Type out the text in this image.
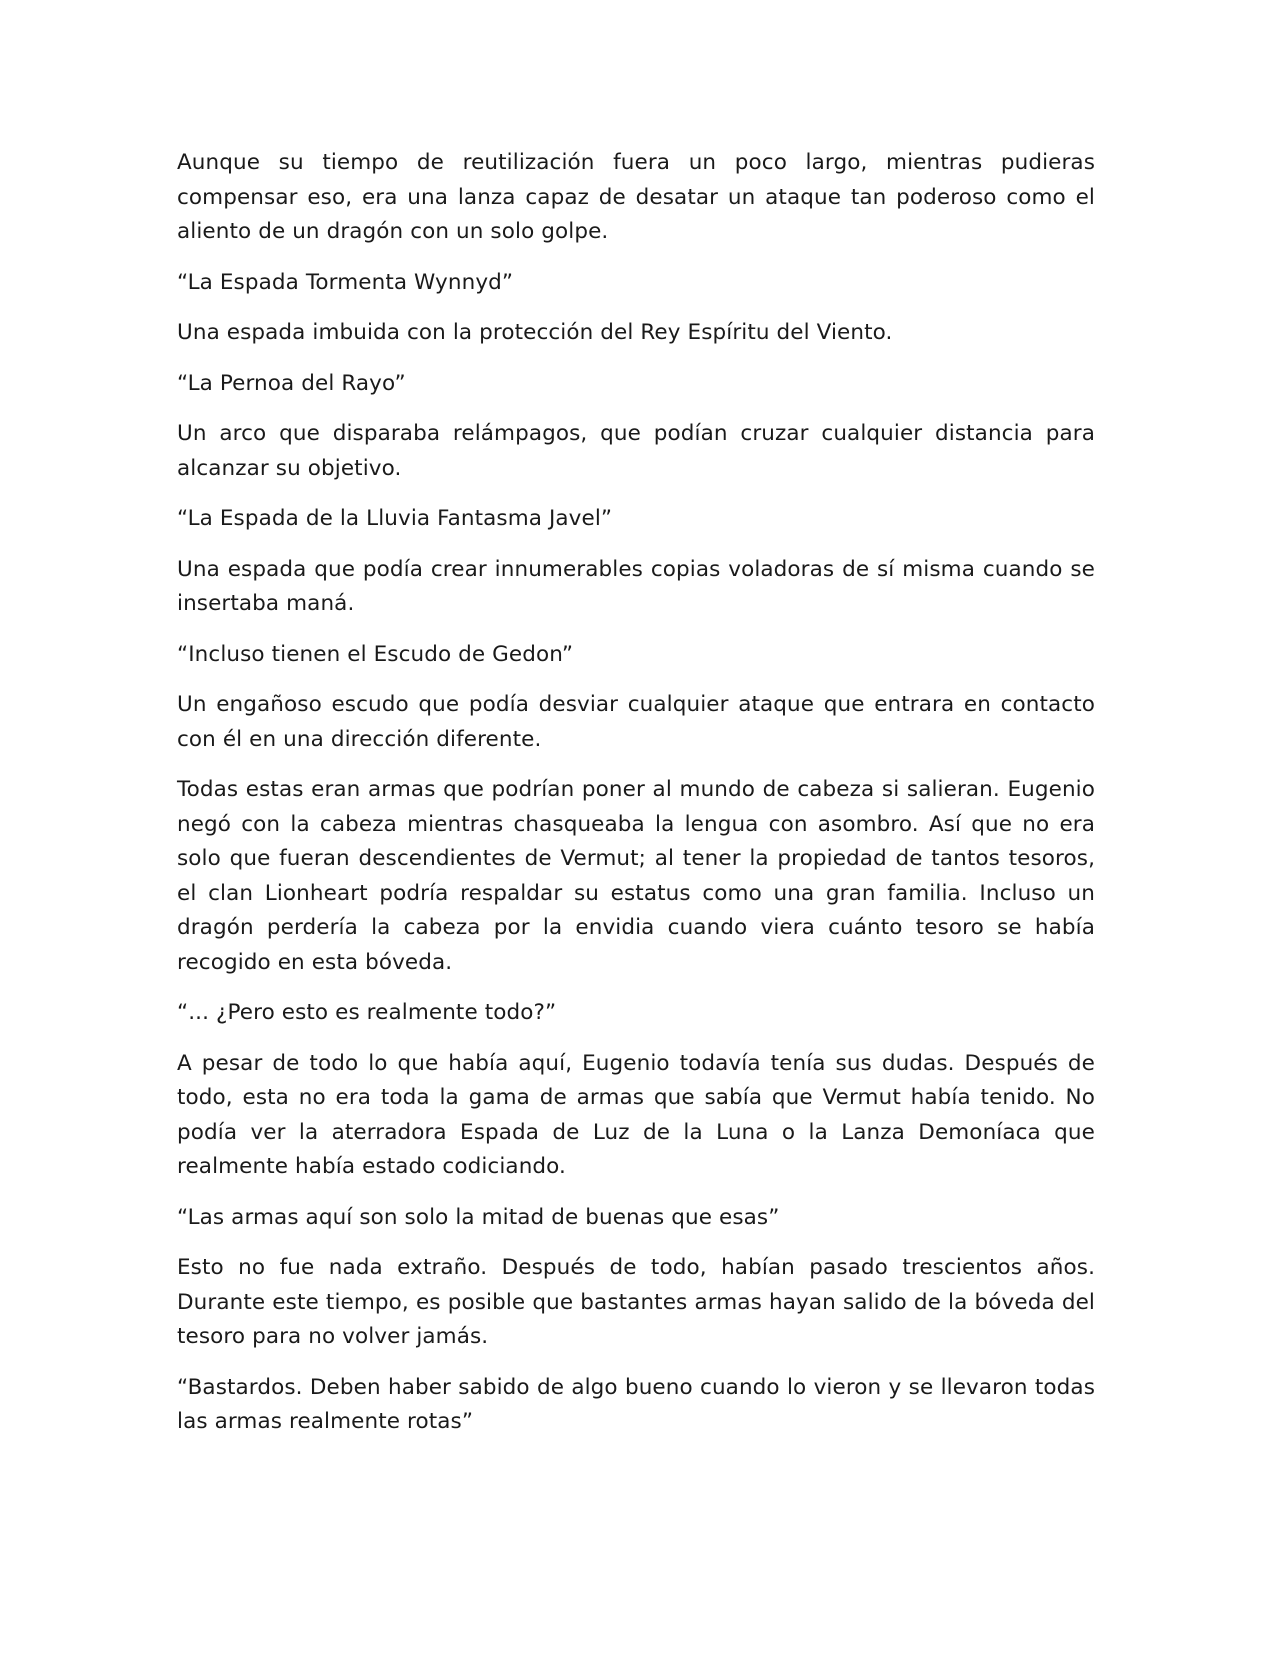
Aunque su tiempo de reutilización fuera un poco largo, mientras pudieras compensar eso, era una lanza capaz de desatar un ataque tan poderoso como el aliento de un dragón con un solo golpe.

“La Espada Tormenta Wynnyd”

Una espada imbuida con la protección del Rey Espíritu del Viento.

“La Pernoa del Rayo”

Un arco que disparaba relámpagos, que podían cruzar cualquier distancia para alcanzar su objetivo.

“La Espada de la Lluvia Fantasma Javel”

Una espada que podía crear innumerables copias voladoras de sí misma cuando se insertaba maná.

“Incluso tienen el Escudo de Gedon”

Un engañoso escudo que podía desviar cualquier ataque que entrara en contacto con él en una dirección diferente.

Todas estas eran armas que podrían poner al mundo de cabeza si salieran. Eugenio negó con la cabeza mientras chasqueaba la lengua con asombro. Así que no era solo que fueran descendientes de Vermut; al tener la propiedad de tantos tesoros, el clan Lionheart podría respaldar su estatus como una gran familia. Incluso un dragón perdería la cabeza por la envidia cuando viera cuánto tesoro se había recogido en esta bóveda.

“... ¿Pero esto es realmente todo?”

A pesar de todo lo que había aquí, Eugenio todavía tenía sus dudas. Después de todo, esta no era toda la gama de armas que sabía que Vermut había tenido. No podía ver la aterradora Espada de Luz de la Luna o la Lanza Demoníaca que realmente había estado codiciando.

“Las armas aquí son solo la mitad de buenas que esas”

Esto no fue nada extraño. Después de todo, habían pasado trescientos años. Durante este tiempo, es posible que bastantes armas hayan salido de la bóveda del tesoro para no volver jamás.

“Bastardos. Deben haber sabido de algo bueno cuando lo vieron y se llevaron todas las armas realmente rotas”
